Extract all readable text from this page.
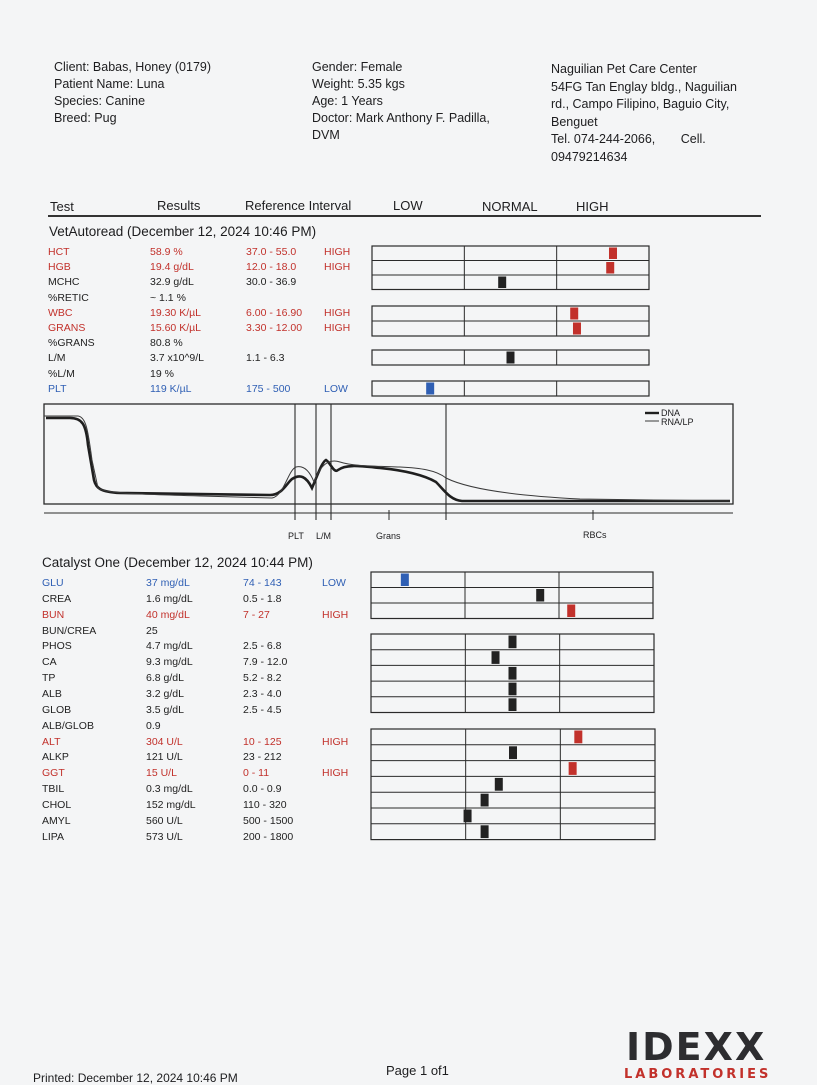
Client: Babas, Honey (0179)
Patient Name: Luna
Species: Canine
Breed: Pug
Gender: Female
Weight: 5.35 kgs
Age: 1 Years
Doctor: Mark Anthony F. Padilla,
DVM
Naguilian Pet Care Center
54FG Tan Englay bldg., Naguilian
rd., Campo Filipino, Baguio City,
Benguet
Tel. 074-244-2066, Cell.
09479214634
Test	Results	Reference Interval	LOW	NORMAL	HIGH
VetAutoread (December 12, 2024 10:46 PM)
Catalyst One (December 12, 2024 10:44 PM)
HCT	58.9 %	37.0 - 55.0	HIGH
HGB	19.4 g/dL	12.0 - 18.0	HIGH
MCHC	32.9 g/dL	30.0 - 36.9
%RETIC	~ 1.1 %
WBC	19.30 K/µL	6.00 - 16.90 HIGH
GRANS	15.60 K/µL	3.30 - 12.00 HIGH
%GRANS	80.8 %
L/M	3.7 x10^9/L	1.1 - 6.3
%L/M	19 %
PLT	119 K/µL	175 - 500	LOW
GLU	37 mg/dL	74 - 143	LOW
CREA	1.6 mg/dL	0.5 - 1.8
BUN	40 mg/dL	7 - 27	HIGH
BUN/CREA	25
PHOS	4.7 mg/dL	2.5 - 6.8
CA	9.3 mg/dL	7.9 - 12.0
TP	6.8 g/dL	5.2 - 8.2
ALB	3.2 g/dL	2.3 - 4.0
GLOB	3.5 g/dL	2.5 - 4.5
ALB/GLOB	0.9
ALT	304 U/L	10 - 125	HIGH
ALKP	121 U/L	23 - 212
GGT	15 U/L	0 - 11	HIGH
TBIL	0.3 mg/dL	0.0 - 0.9
CHOL	152 mg/dL	110 - 320
AMYL	560 U/L	500 - 1500
LIPA	573 U/L	200 - 1800
DNA
RNA/LP
PLT L/M	Grans	RBCs
Printed: December 12, 2024 10:46 PM	Page 1 of1
IDEXX
LABORATORIES
